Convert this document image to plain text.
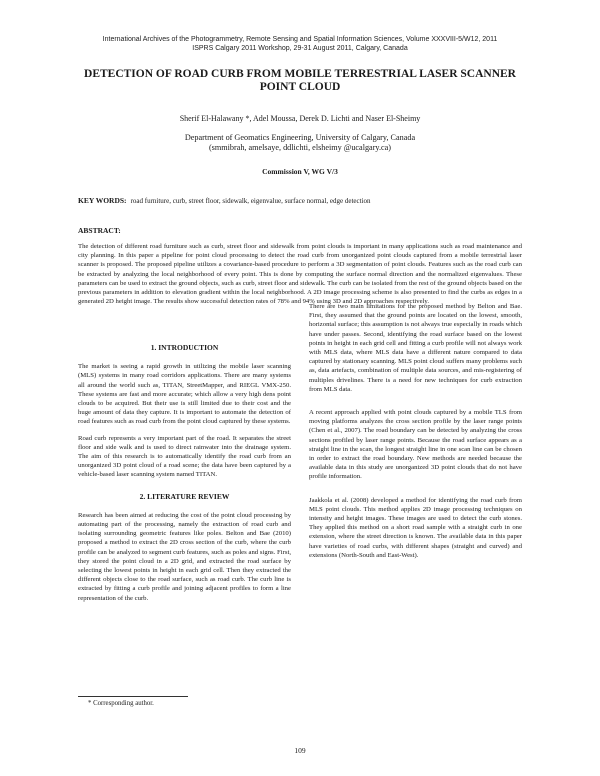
International Archives of the Photogrammetry, Remote Sensing and Spatial Information Sciences, Volume XXXVIII-5/W12, 2011
ISPRS Calgary 2011 Workshop, 29-31 August 2011, Calgary, Canada
DETECTION OF ROAD CURB FROM MOBILE TERRESTRIAL LASER SCANNER
POINT CLOUD
Sherif El-Halawany *, Adel Moussa, Derek D. Lichti and Naser El-Sheimy
Department of Geomatics Engineering, University of Calgary, Canada
(smmibrah, amelsaye, ddlichti, elsheimy @ucalgary.ca)
Commission V, WG V/3
KEY WORDS: road furniture, curb, street floor, sidewalk, eigenvalue, surface normal, edge detection
ABSTRACT:
The detection of different road furniture such as curb, street floor and sidewalk from point clouds is important in many applications such as road maintenance and city planning. In this paper a pipeline for point cloud processing to detect the road curb from unorganized point clouds captured from a mobile terrestrial laser scanner is proposed. The proposed pipeline utilizes a covariance-based procedure to perform a 3D segmentation of point clouds. Features such as the road curb can be extracted by analyzing the local neighborhood of every point. This is done by computing the surface normal direction and the normalized eigenvalues. These parameters can be used to extract the ground objects, such as curb, street floor and sidewalk. The curb can be isolated from the rest of the ground objects based on the previous parameters in addition to elevation gradient within the local neighborhood. A 2D image processing scheme is also presented to find the curbs as edges in a generated 2D height image. The results show successful detection rates of 78% and 94% using 3D and 2D approaches respectively.
1. INTRODUCTION

The market is seeing a rapid growth in utilizing the mobile laser scanning (MLS) systems in many road corridors applications. There are many systems all around the world such as, TITAN, StreetMapper, and RIEGL VMX-250. These systems are fast and more accurate; which allow a very high dens point clouds to be acquired. But their use is still limited due to their cost and the huge amount of data they capture. It is important to automate the detection of road features such as road curb from the point cloud captured by these systems.

Road curb represents a very important part of the road. It separates the street floor and side walk and is used to direct rainwater into the drainage system. The aim of this research is to automatically identify the road curb from an unorganized 3D point cloud of a road scene; the data have been captured by a vehicle-based laser scanning system named TITAN.

2. LITERATURE REVIEW

Research has been aimed at reducing the cost of the point cloud processing by automating part of the processing, namely the extraction of road curb and isolating surrounding geometric features like poles. Belton and Bae (2010) proposed a method to extract the 2D cross section of the curb, where the curb profile can be analyzed to segment curb features, such as poles and signs. First, they stored the point cloud in a 2D grid, and extracted the road surface by selecting the lowest points in height in each grid cell. Then they extracted the different objects close to the road surface, such as road curb. The curb line is extracted by fitting a curb profile and joining adjacent profiles to form a line representation of the curb.

There are two main limitations for the proposed method by Belton and Bae. First, they assumed that the ground points are located on the lowest, smooth, horizontal surface; this assumption is not always true especially in roads which have under passes. Second, identifying the road surface based on the lowest points in height in each grid cell and fitting a curb profile will not always work with MLS data, where MLS data have a different nature compared to data captured by stationary scanning. MLS point cloud suffers many problems such as, data artefacts, combination of multiple data sources, and mis-registering of multiples drivelines. There is a need for new techniques for curb extraction from MLS data.

A recent approach applied with point clouds captured by a mobile TLS from moving platforms analyzes the cross section profile by the laser range points (Chen et al., 2007). The road boundary can be detected by analyzing the cross sections profiled by laser range points. Because the road surface appears as a straight line in the scan, the longest straight line in one scan line can be chosen in order to extract the road boundary. New methods are needed because the available data in this study are unorganized 3D point clouds that do not have profile information.

Jaakkola et al. (2008) developed a method for identifying the road curb from MLS point clouds. This method applies 2D image processing techniques on intensity and height images. These images are used to detect the curb stones. They applied this method on a short road sample with a straight curb in one extension, where the street direction is known. The available data in this paper have varieties of road curbs, with different shapes (straight and curved) and extensions (North-South and East-West).

* Corresponding author.
109
